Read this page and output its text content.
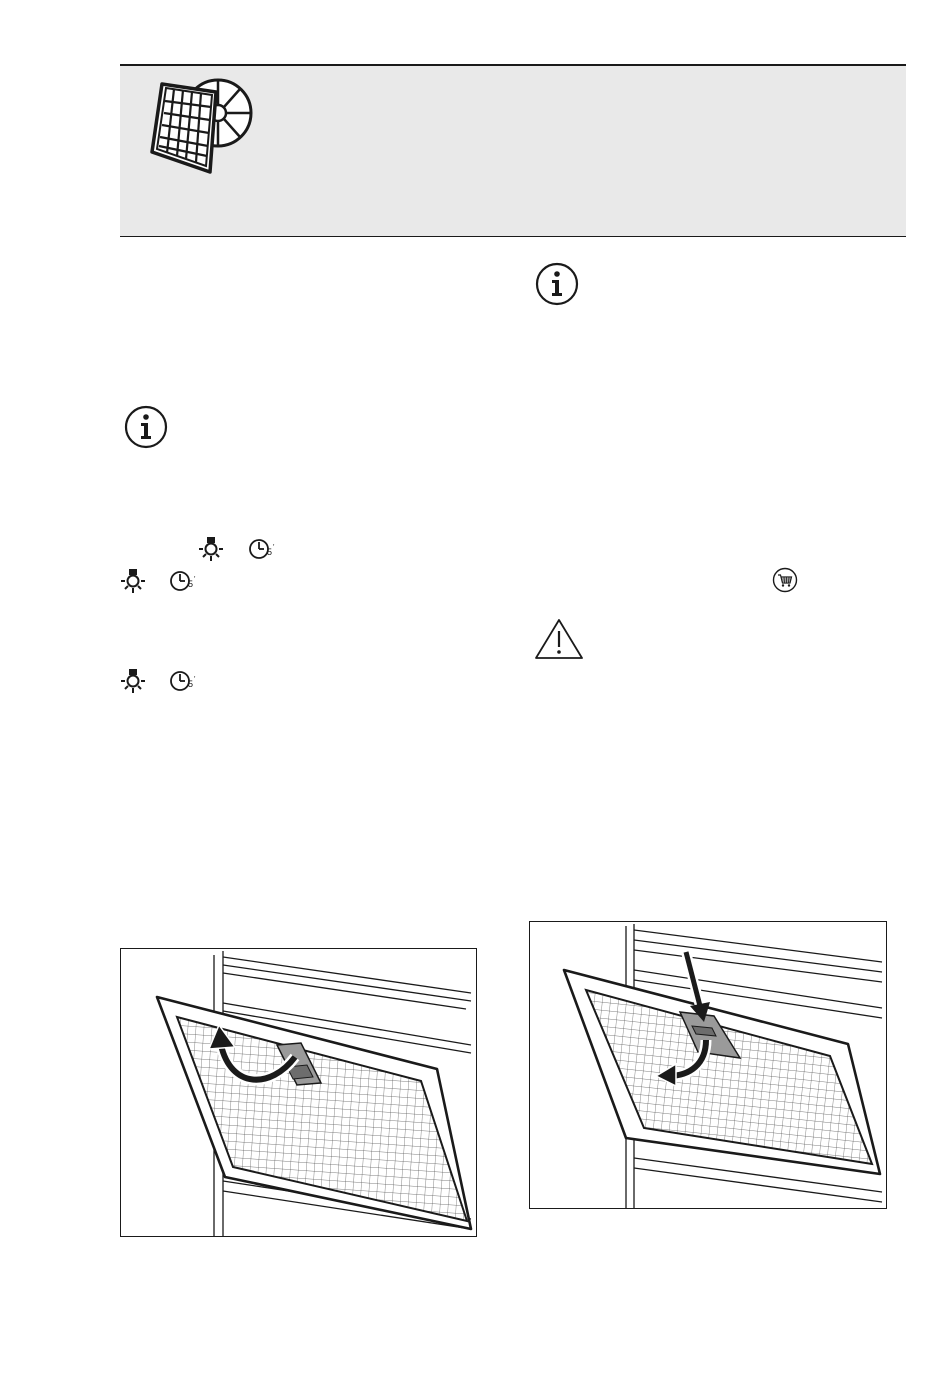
5 ′
5 ′
5 ′
